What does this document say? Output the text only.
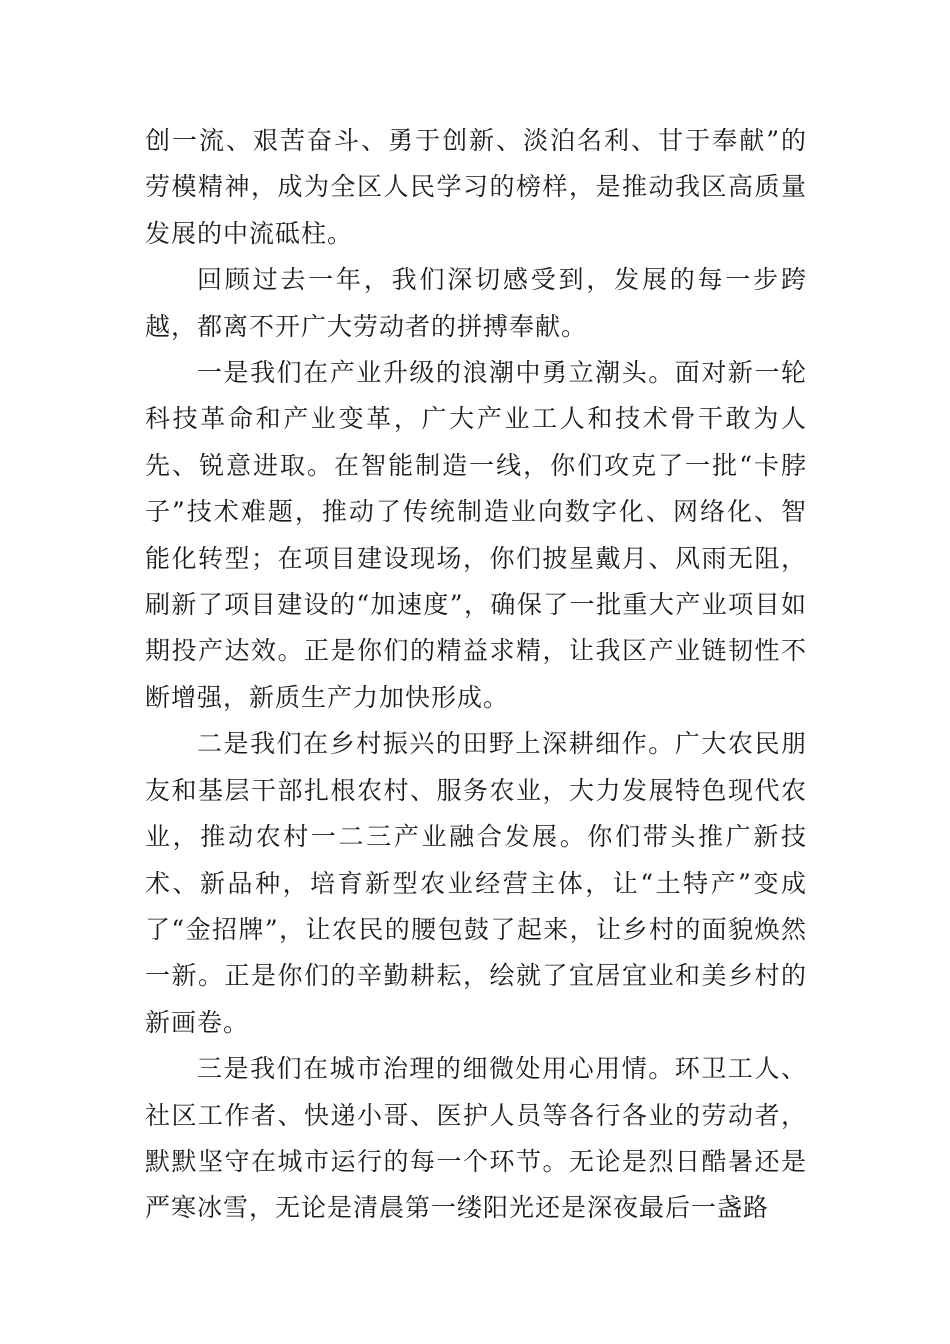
创一流、艰苦奋斗、勇于创新、淡泊名利、甘于奉献”的劳模精神，成为全区人民学习的榜样，是推动我区高质量发展的中流砥柱。

回顾过去一年，我们深切感受到，发展的每一步跨越，都离不开广大劳动者的拼搏奉献。

一是我们在产业升级的浪潮中勇立潮头。面对新一轮科技革命和产业变革，广大产业工人和技术骨干敢为人先、锐意进取。在智能制造一线，你们攻克了一批“卡脖子”技术难题，推动了传统制造业向数字化、网络化、智能化转型；在项目建设现场，你们披星戴月、风雨无阻，刷新了项目建设的“加速度”，确保了一批重大产业项目如期投产达效。正是你们的精益求精，让我区产业链韧性不断增强，新质生产力加快形成。

二是我们在乡村振兴的田野上深耕细作。广大农民朋友和基层干部扎根农村、服务农业，大力发展特色现代农业，推动农村一二三产业融合发展。你们带头推广新技术、新品种，培育新型农业经营主体，让“土特产”变成了“金招牌”，让农民的腰包鼓了起来，让乡村的面貌焕然一新。正是你们的辛勤耕耘，绘就了宜居宜业和美乡村的新画卷。

三是我们在城市治理的细微处用心用情。环卫工人、社区工作者、快递小哥、医护人员等各行各业的劳动者，默默坚守在城市运行的每一个环节。无论是烈日酷暑还是严寒冰雪，无论是清晨第一缕阳光还是深夜最后一盏路
